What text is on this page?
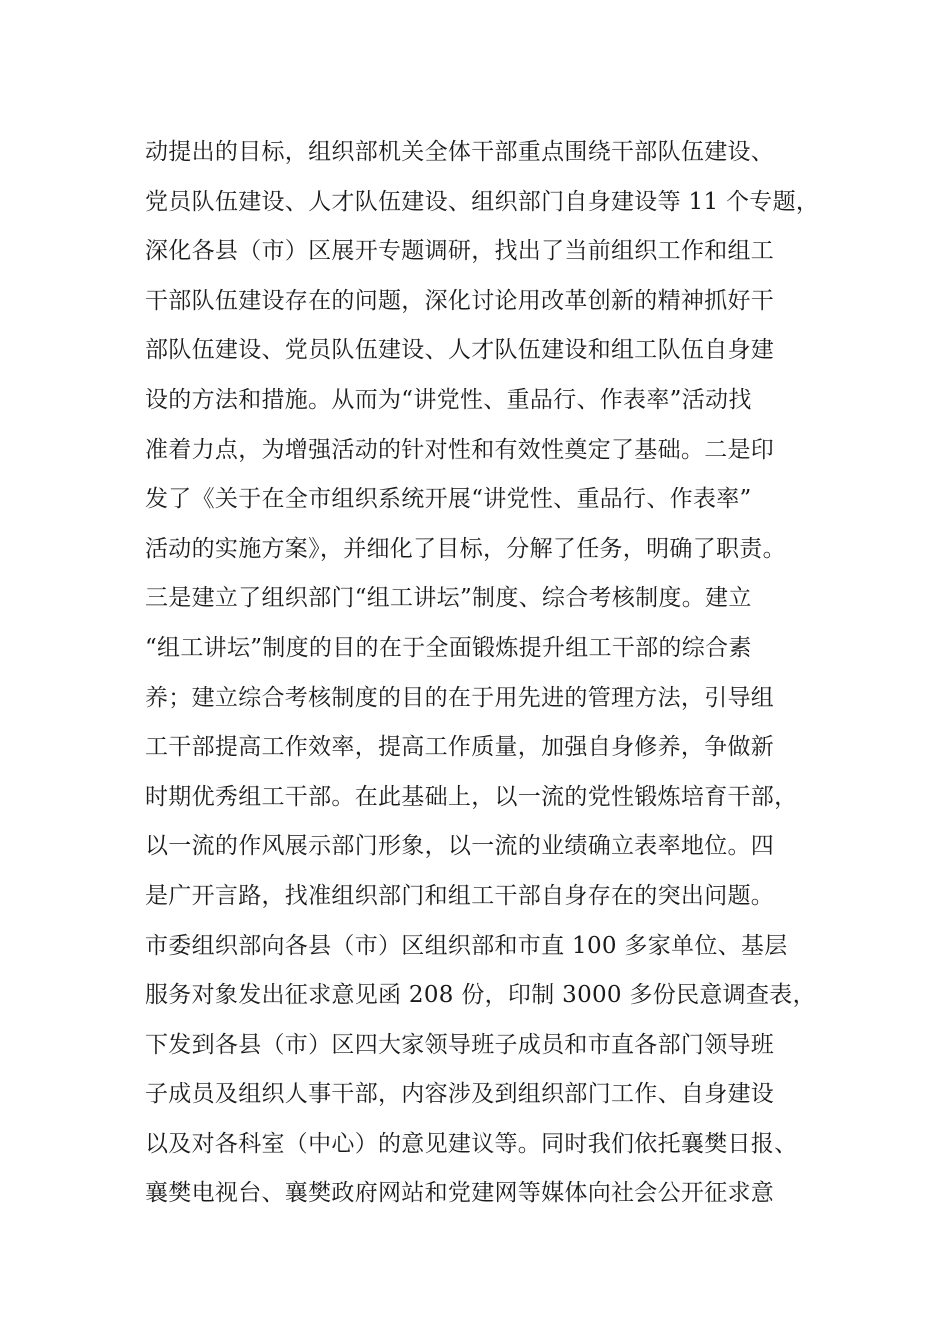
动提出的目标，组织部机关全体干部重点围绕干部队伍建设、
党员队伍建设、人才队伍建设、组织部门自身建设等 11 个专题，
深化各县（市）区展开专题调研，找出了当前组织工作和组工
干部队伍建设存在的问题，深化讨论用改革创新的精神抓好干
部队伍建设、党员队伍建设、人才队伍建设和组工队伍自身建
设的方法和措施。从而为“讲党性、重品行、作表率”活动找
准着力点，为增强活动的针对性和有效性奠定了基础。二是印
发了《关于在全市组织系统开展“讲党性、重品行、作表率”
活动的实施方案》，并细化了目标，分解了任务，明确了职责。
三是建立了组织部门“组工讲坛”制度、综合考核制度。建立
“组工讲坛”制度的目的在于全面锻炼提升组工干部的综合素
养；建立综合考核制度的目的在于用先进的管理方法，引导组
工干部提高工作效率，提高工作质量，加强自身修养，争做新
时期优秀组工干部。在此基础上，以一流的党性锻炼培育干部，
以一流的作风展示部门形象，以一流的业绩确立表率地位。四
是广开言路，找准组织部门和组工干部自身存在的突出问题。
市委组织部向各县（市）区组织部和市直 100 多家单位、基层
服务对象发出征求意见函 208 份，印制 3000 多份民意调查表，
下发到各县（市）区四大家领导班子成员和市直各部门领导班
子成员及组织人事干部，内容涉及到组织部门工作、自身建设
以及对各科室（中心）的意见建议等。同时我们依托襄樊日报、
襄樊电视台、襄樊政府网站和党建网等媒体向社会公开征求意
